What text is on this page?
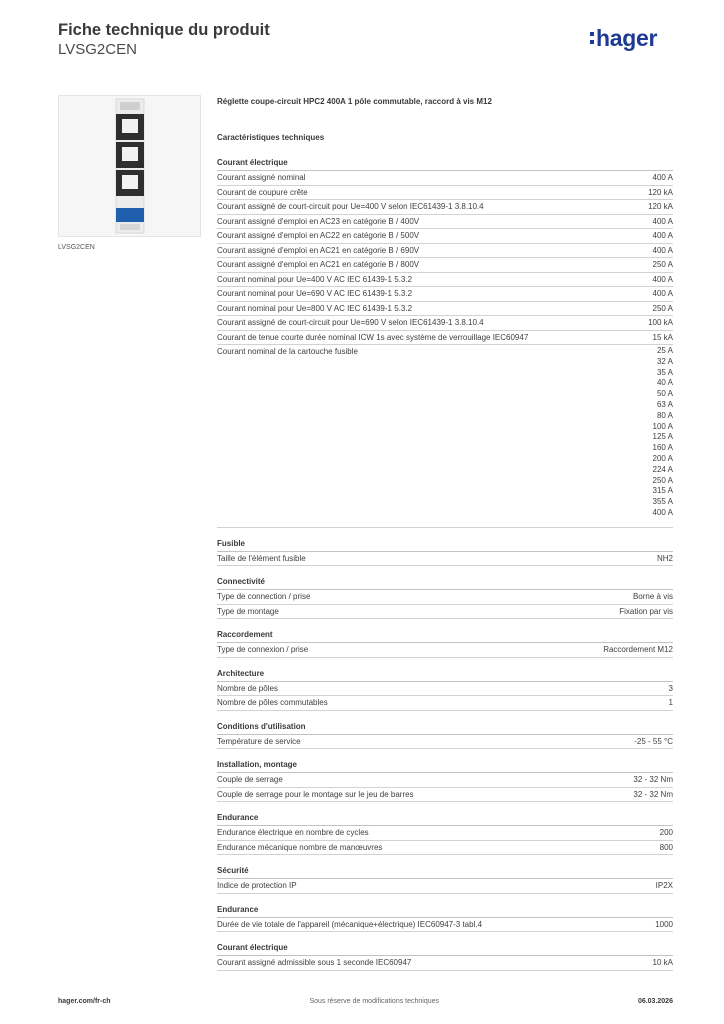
Fiche technique du produit
LVSG2CEN	hager
LVSG2CEN
Réglette coupe-circuit HPC2 400A 1 pôle commutable, raccord à vis M12
Caractéristiques techniques
Courant électrique
Courant assigné nominal	400 A
Courant de coupure crête	120 kA
Courant assigné de court-circuit pour Ue=400 V selon IEC61439-1 3.8.10.4	120 kA
Courant assigné d'emploi en AC23 en catégorie B / 400V	400 A
Courant assigné d'emploi en AC22 en catégorie B / 500V	400 A
Courant assigné d'emploi en AC21 en catégorie B / 690V	400 A
Courant assigné d'emploi en AC21 en catégorie B / 800V	250 A
Courant nominal pour Ue=400 V AC IEC 61439-1 5.3.2	400 A
Courant nominal pour Ue=690 V AC IEC 61439-1 5.3.2	400 A
Courant nominal pour Ue=800 V AC IEC 61439-1 5.3.2	250 A
Courant assigné de court-circuit pour Ue=690 V selon IEC61439-1 3.8.10.4	100 kA
Courant de tenue courte durée nominal ICW 1s avec système de verrouillage IEC60947	15 kA
Courant nominal de la cartouche fusible	25 A
32 A
35 A
40 A
50 A
63 A
80 A
100 A
125 A
160 A
200 A
224 A
250 A
315 A
355 A
400 A
Fusible
Taille de l'élément fusible	NH2
Connectivité
Type de connection / prise	Borne à vis
Type de montage	Fixation par vis
Raccordement
Type de connexion / prise	Raccordement M12
Architecture
Nombre de pôles	3
Nombre de pôles commutables	1
Conditions d'utilisation
Température de service	-25 - 55 °C
Installation, montage
Couple de serrage	32 - 32 Nm
Couple de serrage pour le montage sur le jeu de barres	32 - 32 Nm
Endurance
Endurance électrique en nombre de cycles	200
Endurance mécanique nombre de manœuvres	800
Sécurité
Indice de protection IP	IP2X
Endurance
Durée de vie totale de l'appareil (mécanique+électrique) IEC60947-3 tabl.4	1000
Courant électrique
Courant assigné admissible sous 1 seconde IEC60947	10 kA
hager.com/fr-ch	Sous réserve de modifications techniques	06.03.2026
